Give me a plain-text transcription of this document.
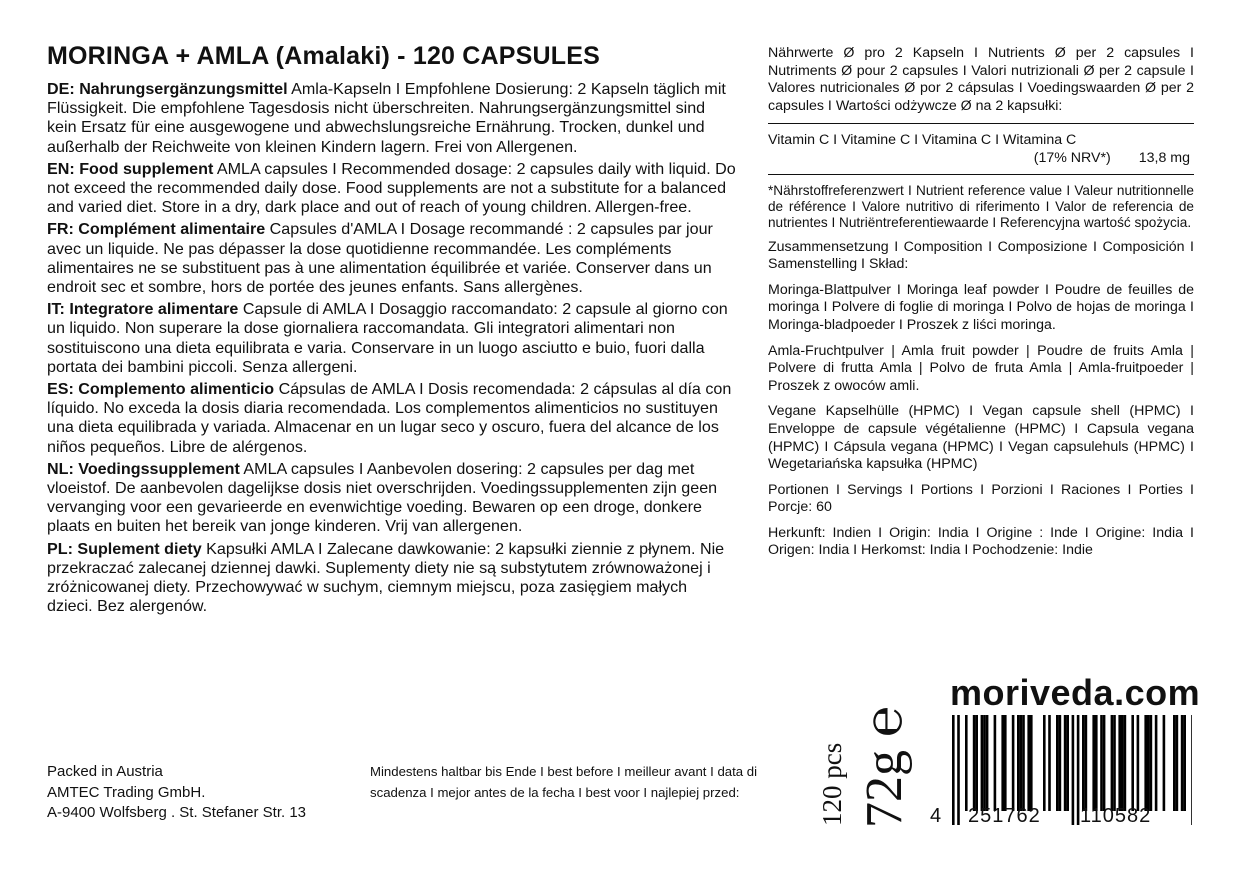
MORINGA + AMLA (Amalaki) - 120 CAPSULES
DE: Nahrungsergänzungsmittel Amla-Kapseln I Empfohlene Dosierung: 2 Kapseln täglich mit Flüssigkeit. Die empfohlene Tagesdosis nicht überschreiten. Nahrungsergänzungsmittel sind kein Ersatz für eine ausgewogene und abwechslungsreiche Ernährung. Trocken, dunkel und außerhalb der Reichweite von kleinen Kindern lagern. Frei von Allergenen.
EN: Food supplement AMLA capsules I Recommended dosage: 2 capsules daily with liquid. Do not exceed the recommended daily dose. Food supplements are not a substitute for a balanced and varied diet. Store in a dry, dark place and out of reach of young children. Allergen-free.
FR: Complément alimentaire Capsules d'AMLA I Dosage recommandé : 2 capsules par jour avec un liquide. Ne pas dépasser la dose quotidienne recommandée. Les compléments alimentaires ne se substituent pas à une alimentation équilibrée et variée. Conserver dans un endroit sec et sombre, hors de portée des jeunes enfants. Sans allergènes.
IT: Integratore alimentare Capsule di AMLA I Dosaggio raccomandato: 2 capsule al giorno con un liquido. Non superare la dose giornaliera raccomandata. Gli integratori alimentari non sostituiscono una dieta equilibrata e varia. Conservare in un luogo asciutto e buio, fuori dalla portata dei bambini piccoli. Senza allergeni.
ES: Complemento alimenticio Cápsulas de AMLA I Dosis recomendada: 2 cápsulas al día con líquido. No exceda la dosis diaria recomendada. Los complementos alimenticios no sustituyen una dieta equilibrada y variada. Almacenar en un lugar seco y oscuro, fuera del alcance de los niños pequeños. Libre de alérgenos.
NL: Voedingssupplement AMLA capsules I Aanbevolen dosering: 2 capsules per dag met vloeistof. De aanbevolen dagelijkse dosis niet overschrijden. Voedingssupplementen zijn geen vervanging voor een gevarieerde en evenwichtige voeding. Bewaren op een droge, donkere plaats en buiten het bereik van jonge kinderen. Vrij van allergenen.
PL: Suplement diety Kapsułki AMLA I Zalecane dawkowanie: 2 kapsułki ziennie z płynem. Nie przekraczać zalecanej dziennej dawki. Suplementy diety nie są substytutem zrównoważonej i zróżnicowanej diety. Przechowywać w suchym, ciemnym miejscu, poza zasięgiem małych dzieci. Bez alergenów.
Packed in Austria
AMTEC Trading GmbH.
A-9400 Wolfsberg . St. Stefaner Str. 13
Mindestens haltbar bis Ende I best before I meilleur avant I data di scadenza I mejor antes de la fecha I best voor I najlepiej przed:
Nährwerte Ø pro 2 Kapseln I Nutrients Ø per 2 capsules I Nutriments Ø pour 2 capsules I Valori nutrizionali Ø per 2 capsule I Valores nutricionales Ø por 2 cápsulas I Voedingswaarden Ø per 2 capsules I Wartości odżywcze Ø na 2 kapsułki:
Vitamin C I Vitamine C I Vitamina C I Witamina C
(17% NRV*) 13,8 mg
*Nährstoffreferenzwert I Nutrient reference value I Valeur nutritionnelle de référence I Valore nutritivo di riferimento I Valor de referencia de nutrientes I Nutriëntreferentiewaarde I Referencyjna wartość spożycia.
Zusammensetzung I Composition I Composizione I Composición I Samenstelling I Skład:
Moringa-Blattpulver I Moringa leaf powder I Poudre de feuilles de moringa I Polvere di foglie di moringa I Polvo de hojas de moringa I Moringa-bladpoeder I Proszek z liści moringa.
Amla-Fruchtpulver | Amla fruit powder | Poudre de fruits Amla | Polvere di frutta Amla | Polvo de fruta Amla | Amla-fruitpoeder | Proszek z owoców amli.
Vegane Kapselhülle (HPMC) I Vegan capsule shell (HPMC) I Enveloppe de capsule végétalienne (HPMC) I Capsula vegana (HPMC) I Cápsula vegana (HPMC) I Vegan capsulehuls (HPMC) I Wegetariańska kapsułka (HPMC)
Portionen I Servings I Portions I Porzioni I Raciones I Porties I Porcje: 60
Herkunft: Indien I Origin: India I Origine : Inde I Origine: India I Origen: India I Herkomst: India I Pochodzenie: Indie
moriveda.com
120 pcs 72g ℮ 4 251762 110582
